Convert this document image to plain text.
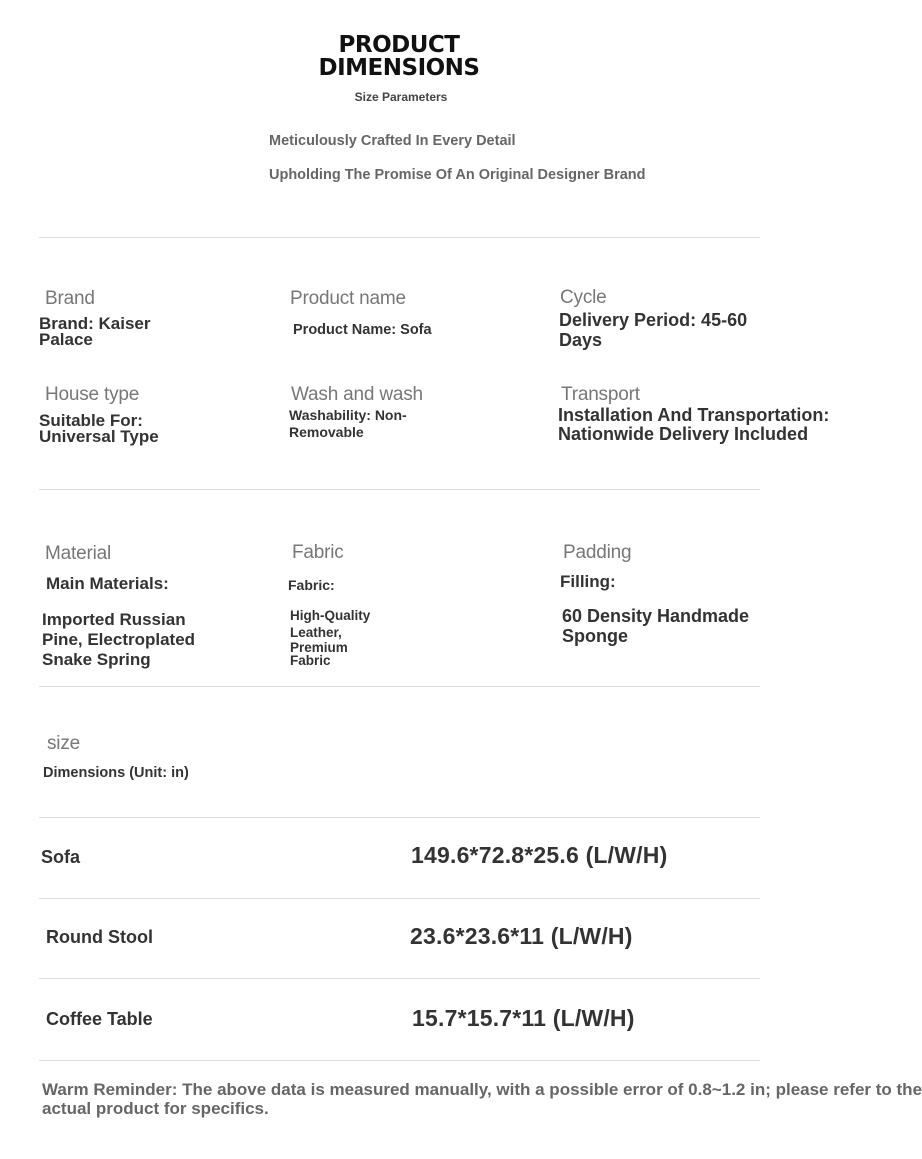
PRODUCT
DIMENSIONS
Size Parameters
Meticulously Crafted In Every Detail
Upholding The Promise Of An Original Designer Brand
Brand
Brand: Kaiser Palace
Product name
Product Name: Sofa
Cycle
Delivery Period: 45-60 Days
House type
Suitable For: Universal Type
Wash and wash
Washability: Non-Removable
Transport
Installation And Transportation:
Nationwide Delivery Included
Material
Main Materials:
Imported Russian Pine, Electroplated Snake Spring
Fabric
Fabric:
High-Quality
Leather,
Premium
Fabric
Padding
Filling:
60 Density Handmade Sponge
size
Dimensions (Unit: in)
Sofa	149.6*72.8*25.6 (L/W/H)
Round Stool	23.6*23.6*11 (L/W/H)
Coffee Table	15.7*15.7*11 (L/W/H)
Warm Reminder: The above data is measured manually, with a possible error of 0.8~1.2 in; please refer to the
actual product for specifics.
